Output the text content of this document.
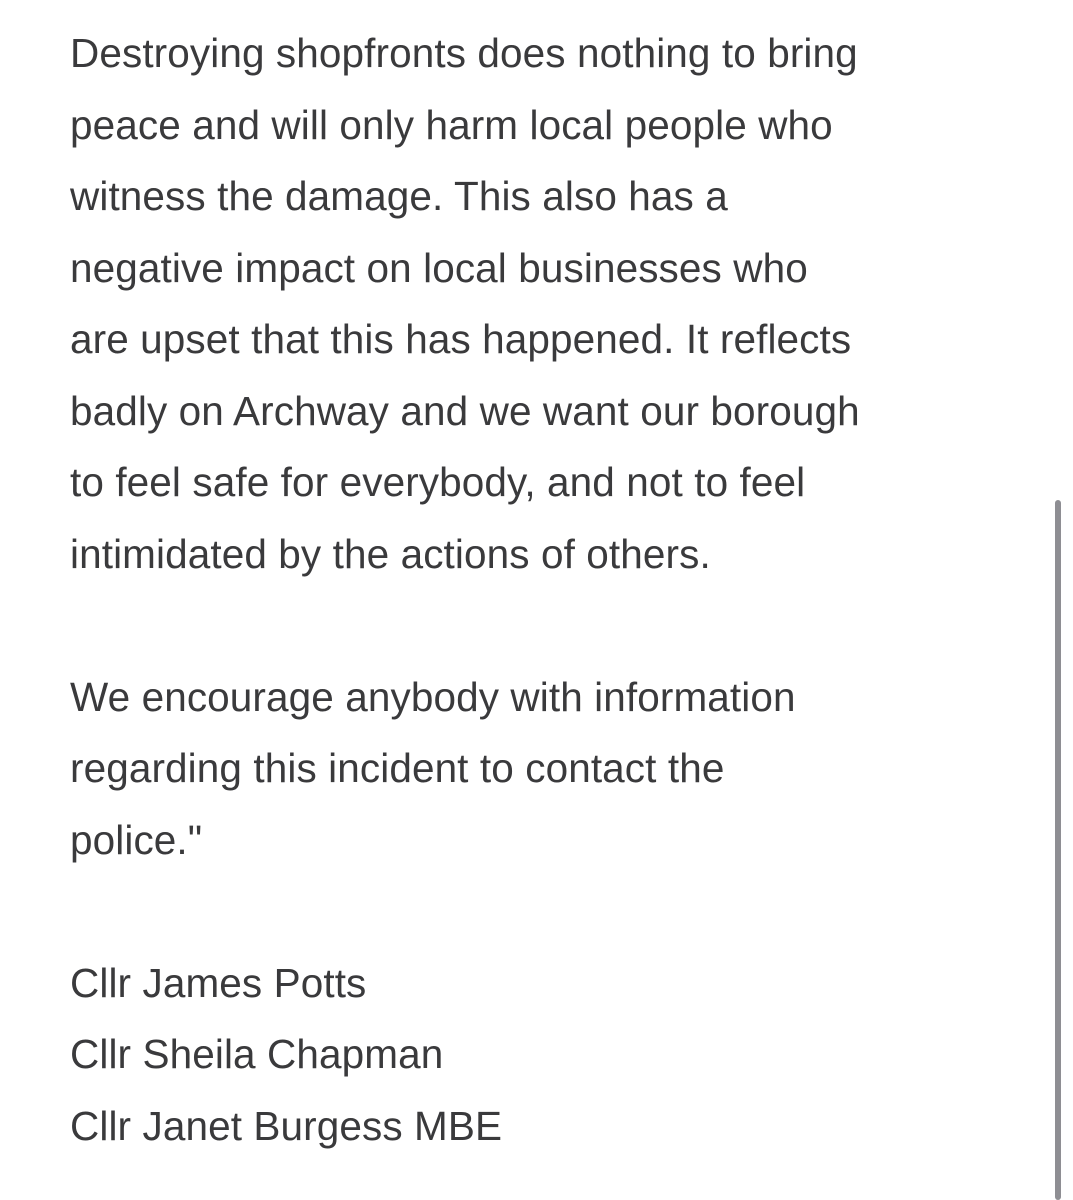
Destroying shopfronts does nothing to bring
peace and will only harm local people who
witness the damage. This also has a
negative impact on local businesses who
are upset that this has happened. It reflects
badly on Archway and we want our borough
to feel safe for everybody, and not to feel
intimidated by the actions of others.
We encourage anybody with information
regarding this incident to contact the
police."
Cllr James Potts
Cllr Sheila Chapman
Cllr Janet Burgess MBE
